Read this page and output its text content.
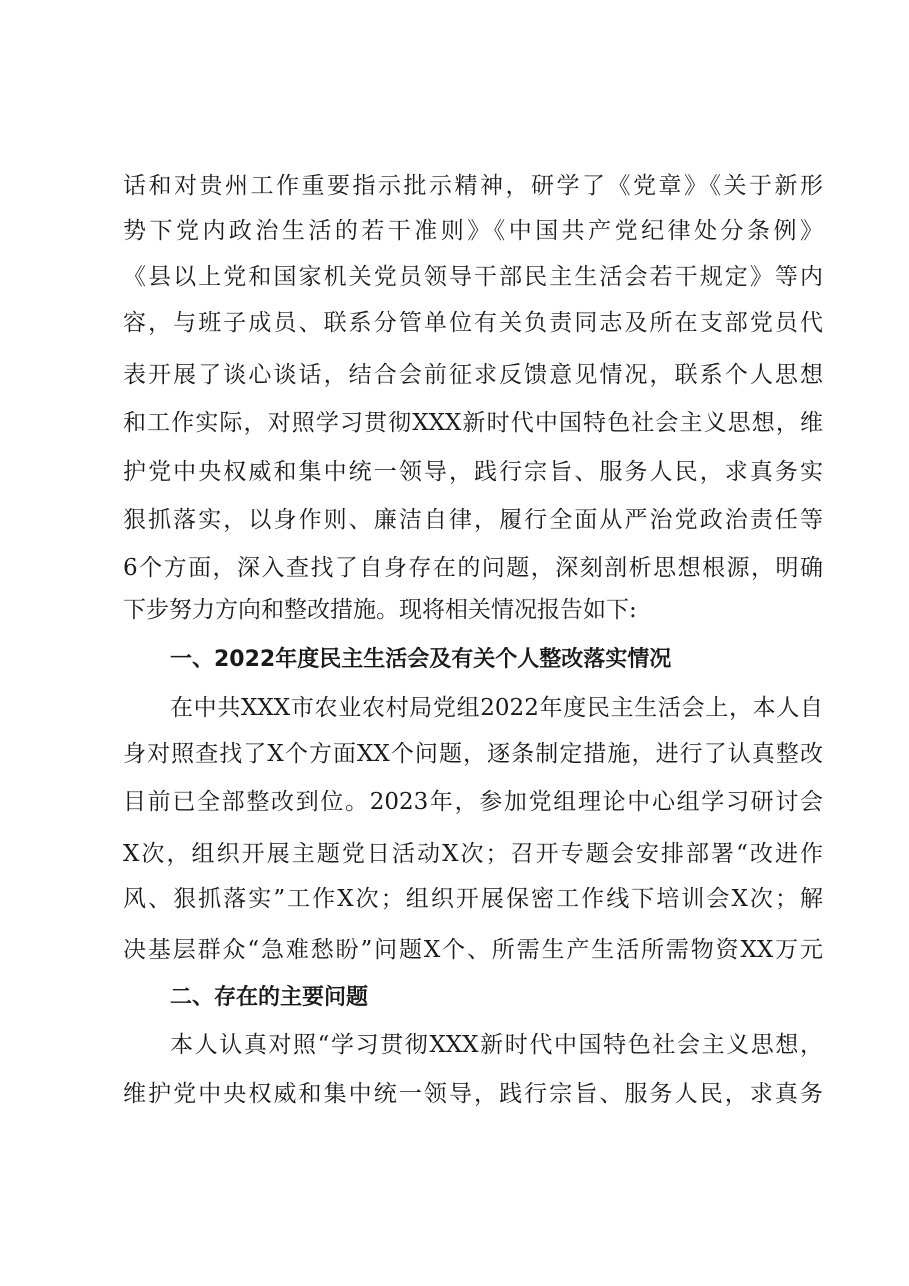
话和对贵州工作重要指示批示精神，研学了《党章》《关于新形
势下党内政治生活的若干准则》《中国共产党纪律处分条例》
《县以上党和国家机关党员领导干部民主生活会若干规定》等内
容，与班子成员、联系分管单位有关负责同志及所在支部党员代
表开展了谈心谈话，结合会前征求反馈意见情况，联系个人思想
和工作实际，对照学习贯彻XXX新时代中国特色社会主义思想，维
护党中央权威和集中统一领导，践行宗旨、服务人民，求真务实
狠抓落实，以身作则、廉洁自律，履行全面从严治党政治责任等
6个方面，深入查找了自身存在的问题，深刻剖析思想根源，明确
下步努力方向和整改措施。现将相关情况报告如下:
一、2022年度民主生活会及有关个人整改落实情况
在中共XXX市农业农村局党组2022年度民主生活会上，本人自
身对照查找了X个方面XX个问题，逐条制定措施，进行了认真整改
目前已全部整改到位。2023年，参加党组理论中心组学习研讨会
X次，组织开展主题党日活动X次；召开专题会安排部署“改进作
风、狠抓落实”工作X次；组织开展保密工作线下培训会X次；解
决基层群众“急难愁盼”问题X个、所需生产生活所需物资XX万元
二、存在的主要问题
本人认真对照“学习贯彻XXX新时代中国特色社会主义思想，
维护党中央权威和集中统一领导，践行宗旨、服务人民，求真务
